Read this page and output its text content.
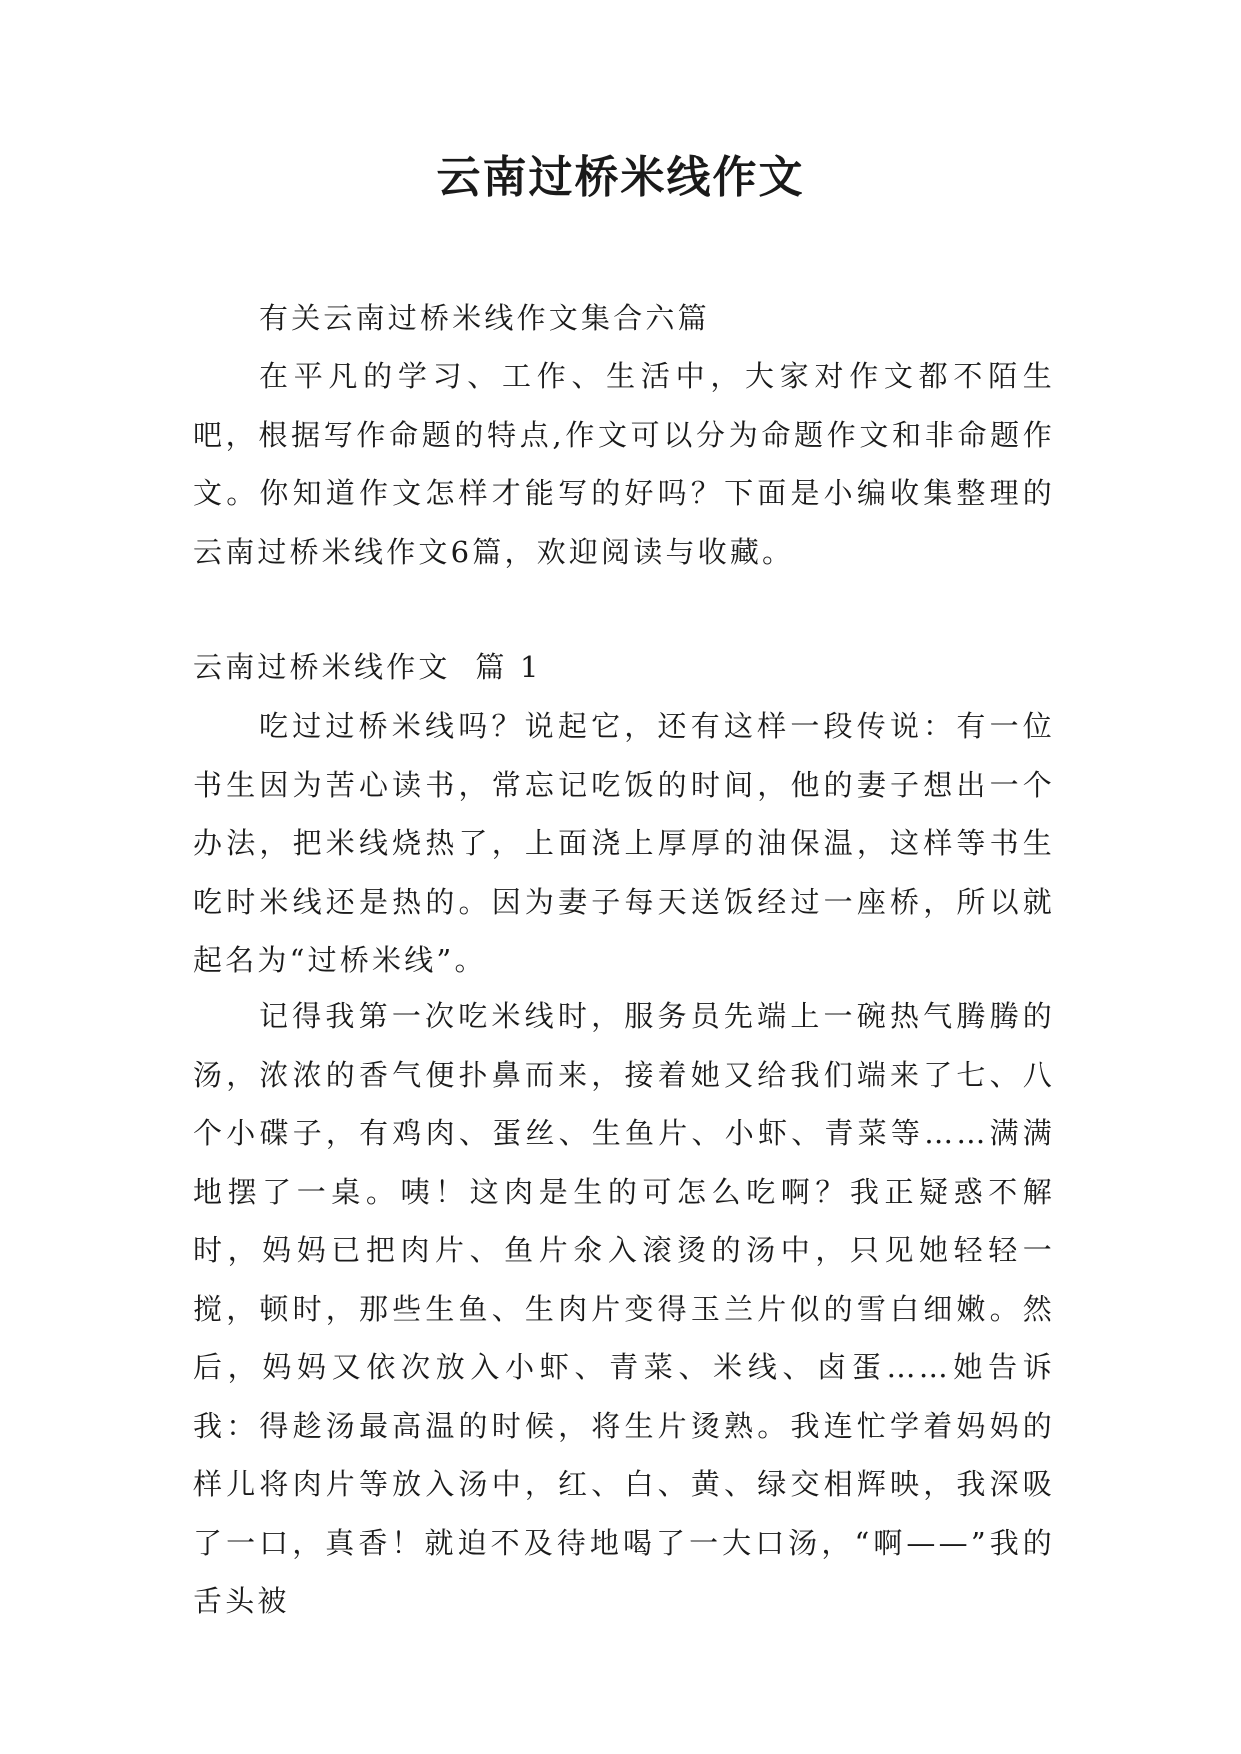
云南过桥米线作文

有关云南过桥米线作文集合六篇

在平凡的学习、工作、生活中，大家对作文都不陌生吧，根据写作命题的特点,作文可以分为命题作文和非命题作文。你知道作文怎样才能写的好吗？下面是小编收集整理的云南过桥米线作文6篇，欢迎阅读与收藏。

云南过桥米线作文  篇 1

吃过过桥米线吗？说起它，还有这样一段传说：有一位书生因为苦心读书，常忘记吃饭的时间，他的妻子想出一个办法，把米线烧热了，上面浇上厚厚的油保温，这样等书生吃时米线还是热的。因为妻子每天送饭经过一座桥，所以就起名为“过桥米线”。

记得我第一次吃米线时，服务员先端上一碗热气腾腾的汤，浓浓的香气便扑鼻而来，接着她又给我们端来了七、八个小碟子，有鸡肉、蛋丝、生鱼片、小虾、青菜等……满满地摆了一桌。咦！这肉是生的可怎么吃啊？我正疑惑不解时，妈妈已把肉片、鱼片氽入滚烫的汤中，只见她轻轻一搅，顿时，那些生鱼、生肉片变得玉兰片似的雪白细嫩。然后，妈妈又依次放入小虾、青菜、米线、卤蛋……她告诉我：得趁汤最高温的时候，将生片烫熟。我连忙学着妈妈的样儿将肉片等放入汤中，红、白、黄、绿交相辉映，我深吸了一口，真香！就迫不及待地喝了一大口汤，“啊——”我的舌头被
